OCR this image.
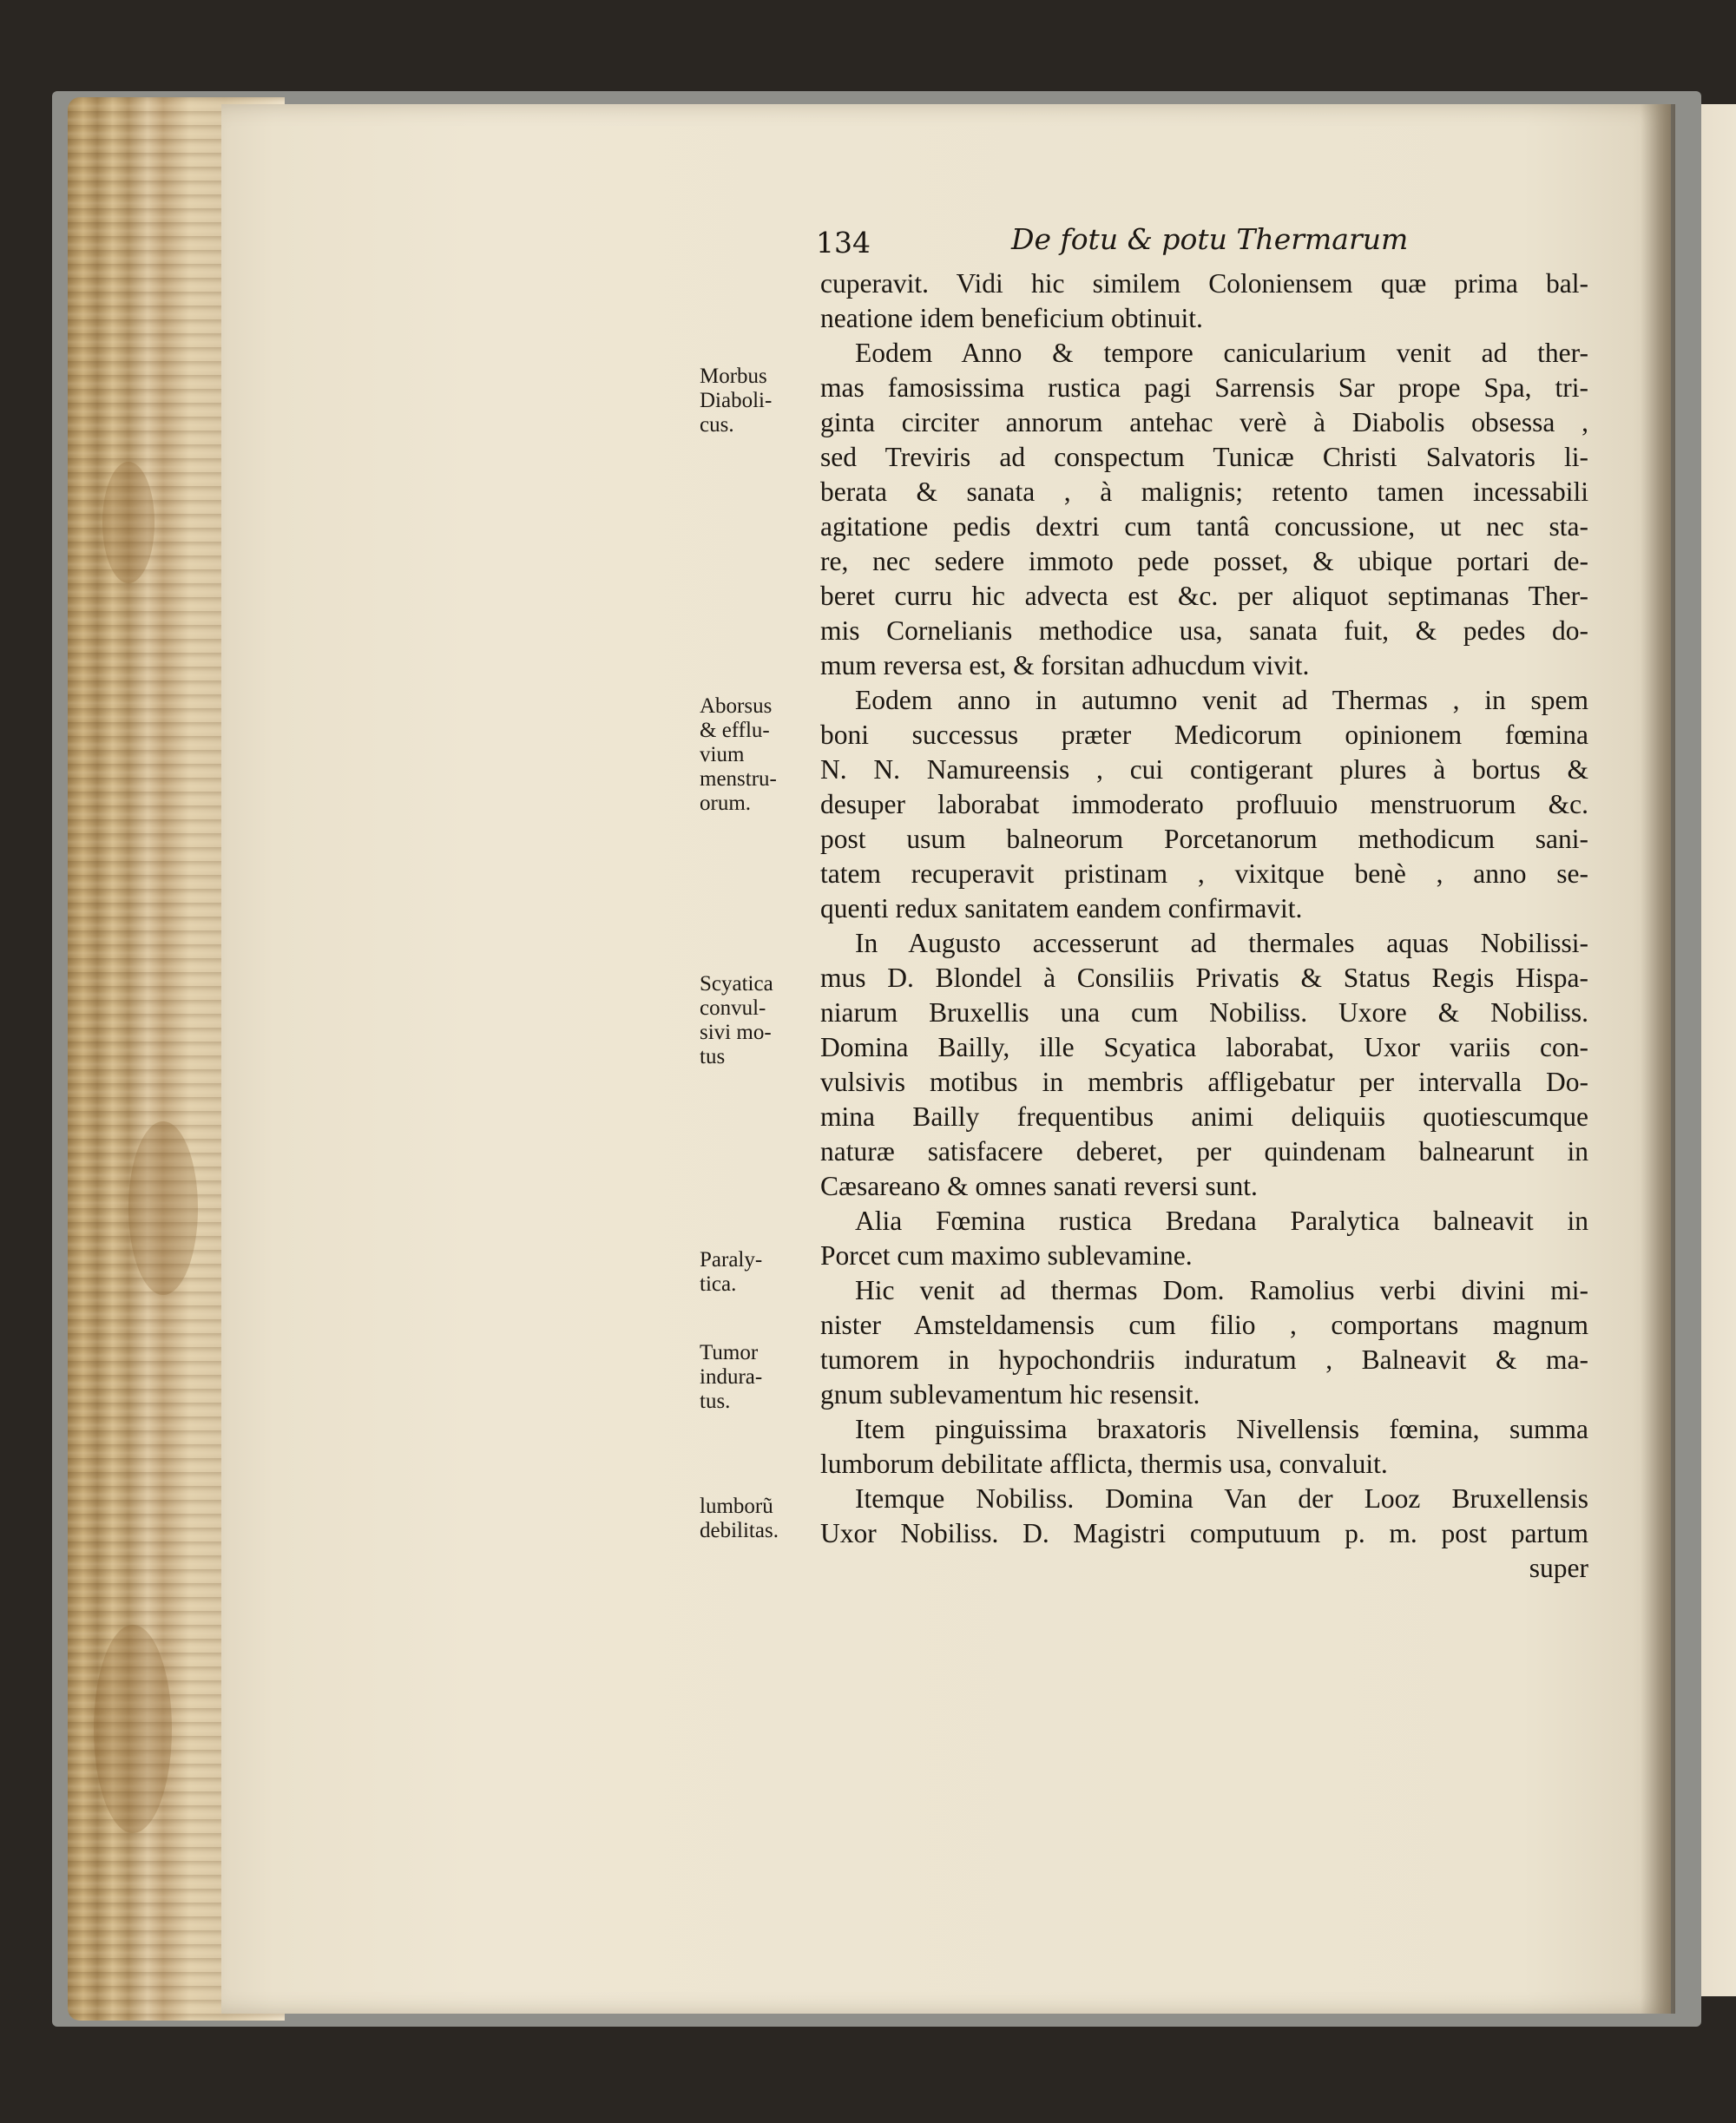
134	De fotu & potu Thermarum
Morbus
Diaboli-
cus.
Aborsus
& efflu-
vium
menstru-
orum.
Scyatica
convul-
sivi mo-
tus
Paraly-
tica.
Tumor
indura-
tus.
lumborũ
debilitas.
cuperavit. Vidi hic similem Coloniensem quæ prima bal-
neatione idem beneficium obtinuit.
Eodem Anno & tempore canicularium venit ad ther-
mas famosissima rustica pagi Sarrensis Sar prope Spa, tri-
ginta circiter annorum antehac verè à Diabolis obsessa ,
sed Treviris ad conspectum Tunicæ Christi Salvatoris li-
berata & sanata , à malignis; retento tamen incessabili
agitatione pedis dextri cum tantâ concussione, ut nec sta-
re, nec sedere immoto pede posset, & ubique portari de-
beret curru hic advecta est &c. per aliquot septimanas Ther-
mis Cornelianis methodice usa, sanata fuit, & pedes do-
mum reversa est, & forsitan adhucdum vivit.
Eodem anno in autumno venit ad Thermas , in spem
boni successus præter Medicorum opinionem fœmina
N. N. Namureensis , cui contigerant plures à bortus &
desuper laborabat immoderato profluuio menstruorum &c.
post usum balneorum Porcetanorum methodicum sani-
tatem recuperavit pristinam , vixitque benè , anno se-
quenti redux sanitatem eandem confirmavit.
In Augusto accesserunt ad thermales aquas Nobilissi-
mus D. Blondel à Consiliis Privatis & Status Regis Hispa-
niarum Bruxellis una cum Nobiliss. Uxore & Nobiliss.
Domina Bailly, ille Scyatica laborabat, Uxor variis con-
vulsivis motibus in membris affligebatur per intervalla Do-
mina Bailly frequentibus animi deliquiis quotiescumque
naturæ satisfacere deberet, per quindenam balnearunt in
Cæsareano & omnes sanati reversi sunt.
Alia Fœmina rustica Bredana Paralytica balneavit in
Porcet cum maximo sublevamine.
Hic venit ad thermas Dom. Ramolius verbi divini mi-
nister Amsteldamensis cum filio , comportans magnum
tumorem in hypochondriis induratum , Balneavit & ma-
gnum sublevamentum hic resensit.
Item pinguissima braxatoris Nivellensis fœmina, summa
lumborum debilitate afflicta, thermis usa, convaluit.
Itemque Nobiliss. Domina Van der Looz Bruxellensis
Uxor Nobiliss. D. Magistri computuum p. m. post partum
super
